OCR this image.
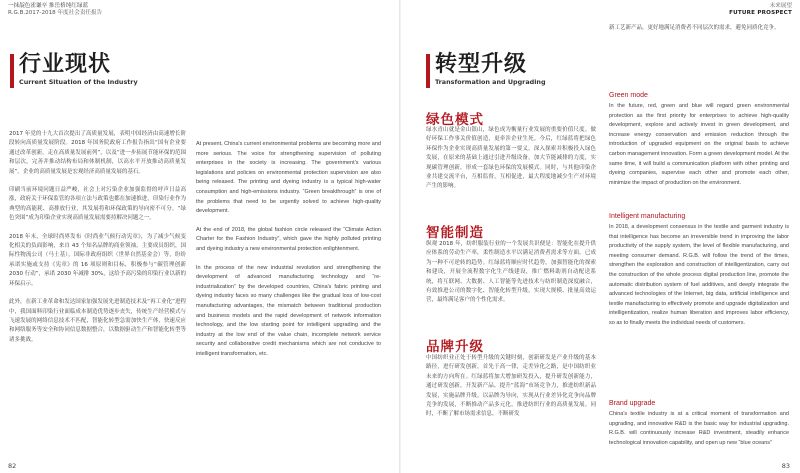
一抹靛色雀谦卒 推岳格纯红绿蓝
R.G.B.2017-2018 年度社会责任报告
行业现状
Current Situation of the Industry

2017 年党的十九大首次提出了高质量发展，表明中国经济由高速增长阶段转向高质量发展阶段。2018 年国务院政府工作报告指出“国有企业要通过改革创新，走在高质量发展前列”，以及“进一步拓展节能环保的范围和层次，完善并推动结构布局和体制机制，以高水平开放推动高质量发展”。企业的高质量发展是宏观经济高质量发展的基石。

印刷当前环境问题日益严峻，社会上对污染企业加强监督的呼声日益高涨，政府关于环保监管的各项立法与政策也都在加速推进，印染行业作为典型的高能耗、高排放行业，其发展将和环保政策的导向密不可分。“绿色突围”成为印染企业实现高质量发展需要持解决问题之一。

2018 年末，全球时尚界发布《时尚业气候行动宪章》，为了减少气候变化相关的负面影响，来自 43 个知名品牌的商业领袖，主要成员组织，国际性物流公司（马士基），国际非政府组织（世界自然基金会）等，纷纷承诺实施或支持《宪章》的 16 项原则和目标，积极参与“碳管理创新 2030 行动”，承诺 2030 年减排 30%，这给予高污染的印染行业以新的环保启示。

此外，在新工业革命和发达国家加强发展先进制造技术及“再工业化”进程中，我国面料印染行业面临成本制造优势逐步丧失，传统生产经营模式与飞速发展的网络信息技术不匹配，智能化转型急需加快生产体，快速反应和网络服务等安全和协同信息数据整合，以数据驱动生产和智能化转型等诸多挑战。

At present, China's current environmental problems are becoming more and more serious. The voice for strengthening supervision of polluting enterprises in the society is increasing. The government's various legislations and policies on environmental protection supervision are also being released. The printing and dyeing industry is a typical high-water consumption and high-emissions industry. “Green breakthrough” is one of the problems that need to be urgently solved to achieve high-quality development.

At the end of 2018, the global fashion circle released the “Climate Action Charter for the Fashion Industry”, which gave the highly polluted printing and dyeing industry a new environmental protection enlightenment.

In the process of the new industrial revolution and strengthening the development of advanced manufacturing technology and “re-industrialization” by the developed countries, China's fabric printing and dyeing industry faces so many challenges like the gradual loss of low-cost manufacturing advantages, the mismatch between traditional production and business models and the rapid development of network information technology, and the low starting point for intelligent upgrading and the industry at the low end of the value chain, incomplete network service security and collaborative credit mechanisms which are not conducive to intelligent transformation, etc.

82
未来展望
FUTURE PROSPECT
转型升级
Transformation and Upgrading
绿色模式
绿水青山就是金山银山，绿色成为衡量行业发展的重要价值尺度。做好环保工作事关价值创造，更牵涉企业生死。今后，红绿蓝将把绿色环保作为企业实现高质量发展的第一要义，深入探索并积极投入绿色发展，在原来的基础上通过引进升级设备，加大节能减排的力度，实现碳管理创新，形成一套绿色环保的发展模式。同时，与其他印染企业共建交流平台，互相监督，互相促进，最大程度地减少生产对环境产生的影响。
智能制造
纵观 2018 年，纺织服装行业的一个发展共识便是：智能化在提升供应体系的劳动生产率，柔性制造水平以满足消费者需求等方面，已成为一种不可逆转的趋势。红绿蓝将顺应时代趋势，加强智能化的探索和建设，开展全流程数字化生产线建设，推广燃料助剂自动配送系统，将互联网、大数据、人工智能等先进技术与纺织制造深度融合，有效推进公司的数字化、智能化转型升级，实现大规模、批量高效运营，最终满足客户的个性化需求。
品牌升级
中国纺织业正处于转型升级的关键时刻，创新研发是产业升级的基本路径，进行研发创新，首先于高一律，走差异化之路，是中国纺织业未来的方向所在。红绿蓝将加大增加研发投入，提升研发创新能力，通过研发创新，开发新产品、提升“蓝海”市场竞争力，推进纺织新品发展，实施品牌升级。以品牌为导向，实现从行业差异化竞争向品牌竞争的发展，不断推动产品多元化，推进纺织行业的高质量发展。同时，不断了解市场需求信息，不断研发
新工艺新产品，更好地满足消费者不同层次的需求，避免同质化竞争。
Green mode
In the future, red, green and blue will regard green environmental protection as the first priority for enterprises to achieve high-quality development, explore and actively invest in green development, and increase energy conservation and emission reduction through the introduction of upgraded equipment on the original basis to achieve carbon management innovation. Form a green development model. At the same time, it will build a communication platform with other printing and dyeing companies, supervise each other and promote each other, minimize the impact of production on the environment.
Intelligent manufacturing
In 2018, a development consensus in the textile and garment industry is that intelligence has become an irreversible trend in improving the labor productivity of the supply system, the level of flexible manufacturing, and meeting consumer demand. R.G.B. will follow the trend of the times, strengthen the exploration and construction of intelligentization, carry out the construction of the whole process digital production line, promote the automatic distribution system of fuel additives, and deeply integrate the advanced technologies of the Internet, big data, artificial intelligence and textile manufacturing to effectively promote and upgrade digitalization and intelligentization, realize human liberation and improves labor efficiency, so as to finally meets the individual needs of customers.
Brand upgrade
China's textile industry is at a critical moment of transformation and upgrading, and innovative R&D is the basic way for industrial upgrading. R.G.B. will continuously increase R&D investment, steadily enhance technological innovation capability, and open up new “blue oceans”
83
